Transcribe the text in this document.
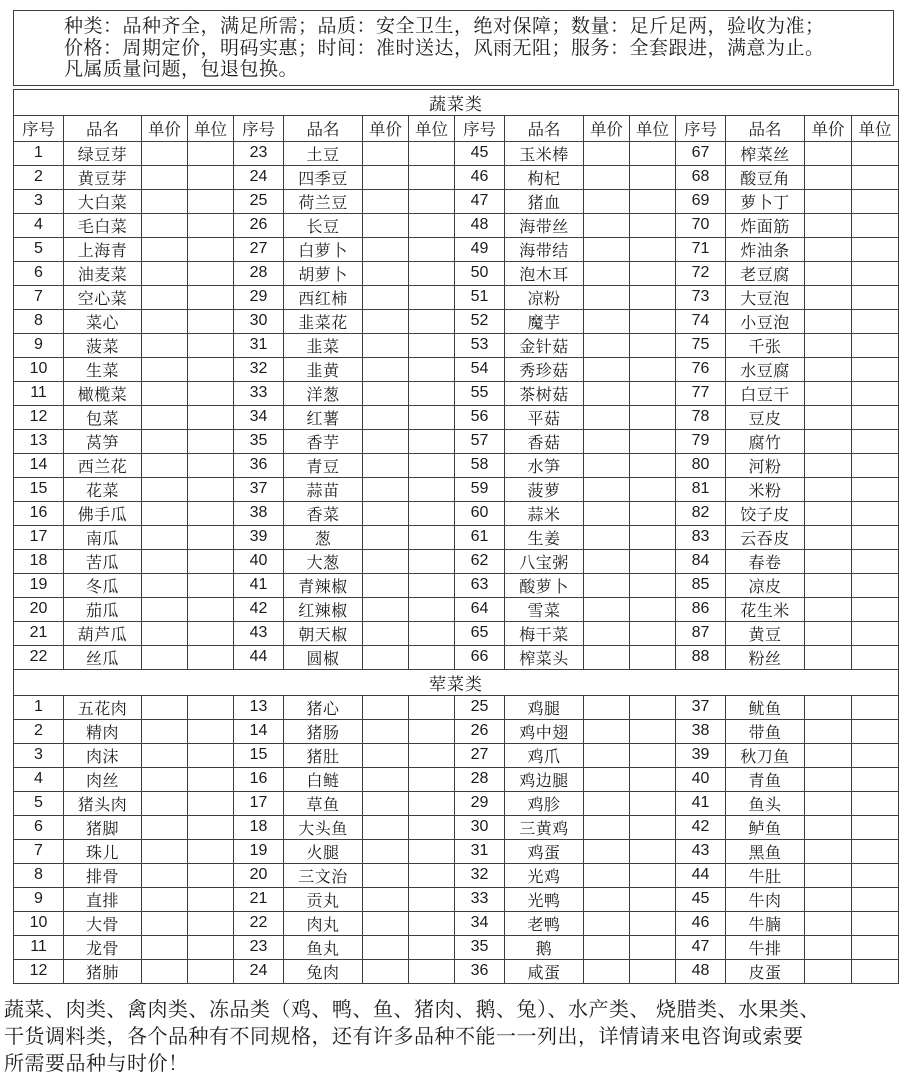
种类：品种齐全，满足所需；品质：安全卫生，绝对保障；数量：足斤足两，验收为准；
价格：周期定价，明码实惠；时间：准时送达，风雨无阻；服务：全套跟进，满意为止。
凡属质量问题，包退包换。
蔬菜类															
序号	品名	单价	单位	序号	品名	单价	单位	序号	品名	单价	单位	序号	品名	单价	单位
1	绿豆芽			23	土豆			45	玉米棒			67	榨菜丝		
2	黄豆芽			24	四季豆			46	枸杞			68	酸豆角		
3	大白菜			25	荷兰豆			47	猪血			69	萝卜丁		
4	毛白菜			26	长豆			48	海带丝			70	炸面筋		
5	上海青			27	白萝卜			49	海带结			71	炸油条		
6	油麦菜			28	胡萝卜			50	泡木耳			72	老豆腐		
7	空心菜			29	西红柿			51	凉粉			73	大豆泡		
8	菜心			30	韭菜花			52	魔芋			74	小豆泡		
9	菠菜			31	韭菜			53	金针菇			75	千张		
10	生菜			32	韭黄			54	秀珍菇			76	水豆腐		
11	橄榄菜			33	洋葱			55	茶树菇			77	白豆干		
12	包菜			34	红薯			56	平菇			78	豆皮		
13	莴笋			35	香芋			57	香菇			79	腐竹		
14	西兰花			36	青豆			58	水笋			80	河粉		
15	花菜			37	蒜苗			59	菠萝			81	米粉		
16	佛手瓜			38	香菜			60	蒜米			82	饺子皮		
17	南瓜			39	葱			61	生姜			83	云吞皮		
18	苦瓜			40	大葱			62	八宝粥			84	春卷		
19	冬瓜			41	青辣椒			63	酸萝卜			85	凉皮		
20	茄瓜			42	红辣椒			64	雪菜			86	花生米		
21	葫芦瓜			43	朝天椒			65	梅干菜			87	黄豆		
22	丝瓜			44	圆椒			66	榨菜头			88	粉丝		
荤菜类															
1	五花肉			13	猪心			25	鸡腿			37	鱿鱼		
2	精肉			14	猪肠			26	鸡中翅			38	带鱼		
3	肉沫			15	猪肚			27	鸡爪			39	秋刀鱼		
4	肉丝			16	白鲢			28	鸡边腿			40	青鱼		
5	猪头肉			17	草鱼			29	鸡胗			41	鱼头		
6	猪脚			18	大头鱼			30	三黄鸡			42	鲈鱼		
7	珠儿			19	火腿			31	鸡蛋			43	黑鱼		
8	排骨			20	三文治			32	光鸡			44	牛肚		
9	直排			21	贡丸			33	光鸭			45	牛肉		
10	大骨			22	肉丸			34	老鸭			46	牛腩		
11	龙骨			23	鱼丸			35	鹅			47	牛排		
12	猪肺			24	兔肉			36	咸蛋			48	皮蛋		
蔬菜、肉类、禽肉类、冻品类（鸡、鸭、鱼、猪肉、鹅、兔）、水产类、 烧腊类、水果类、
干货调料类，各个品种有不同规格，还有许多品种不能一一列出，详情请来电咨询或索要
所需要品种与时价！
